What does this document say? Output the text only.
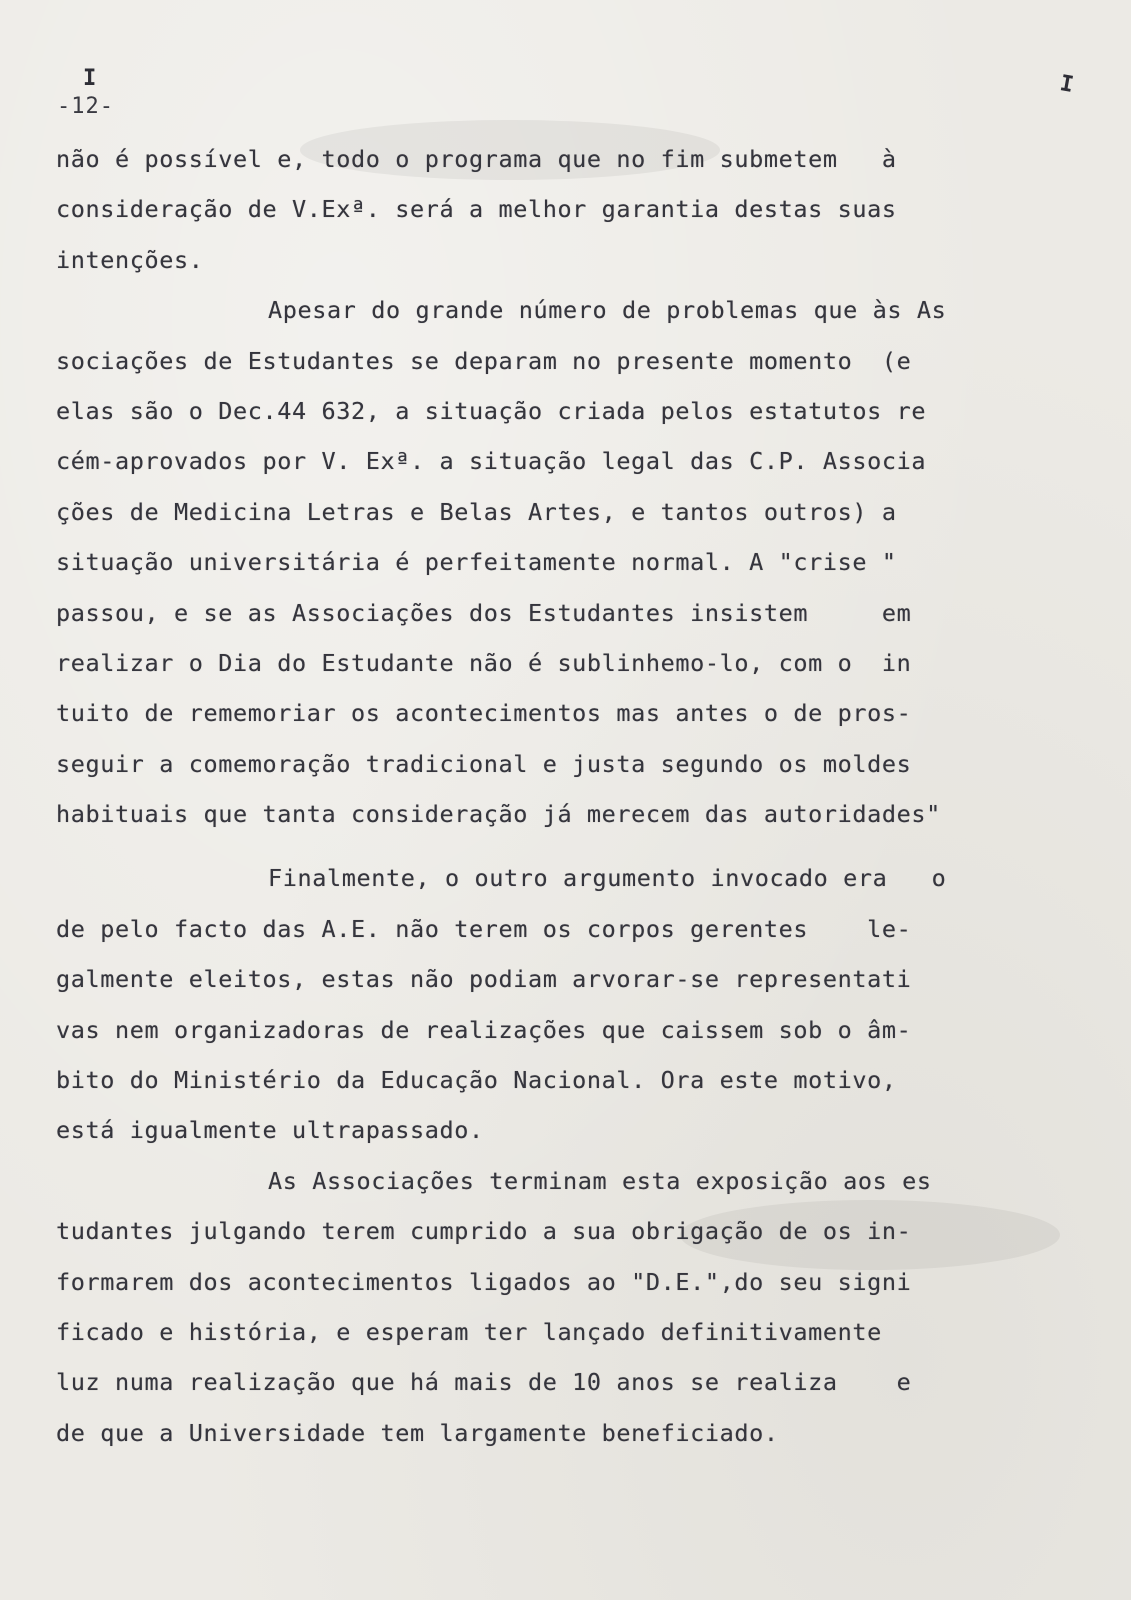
I	I
-12-
não é possível e, todo o programa que no fim submetem   à
consideração de V.Exª. será a melhor garantia destas suas
intenções.
Apesar do grande número de problemas que às As
sociações de Estudantes se deparam no presente momento  (e
elas são o Dec.44 632, a situação criada pelos estatutos re
cém-aprovados por V. Exª. a situação legal das C.P. Associa
ções de Medicina Letras e Belas Artes, e tantos outros) a
situação universitária é perfeitamente normal. A "crise "
passou, e se as Associações dos Estudantes insistem     em
realizar o Dia do Estudante não é sublinhemo-lo, com o  in
tuito de rememoriar os acontecimentos mas antes o de pros-
seguir a comemoração tradicional e justa segundo os moldes
habituais que tanta consideração já merecem das autoridades"
Finalmente, o outro argumento invocado era   o
de pelo facto das A.E. não terem os corpos gerentes    le-
galmente eleitos, estas não podiam arvorar-se representati
vas nem organizadoras de realizações que caissem sob o âm-
bito do Ministério da Educação Nacional. Ora este motivo,
está igualmente ultrapassado.
As Associações terminam esta exposição aos es
tudantes julgando terem cumprido a sua obrigação de os in-
formarem dos acontecimentos ligados ao "D.E.",do seu signi
ficado e história, e esperam ter lançado definitivamente
luz numa realização que há mais de 10 anos se realiza    e
de que a Universidade tem largamente beneficiado.
